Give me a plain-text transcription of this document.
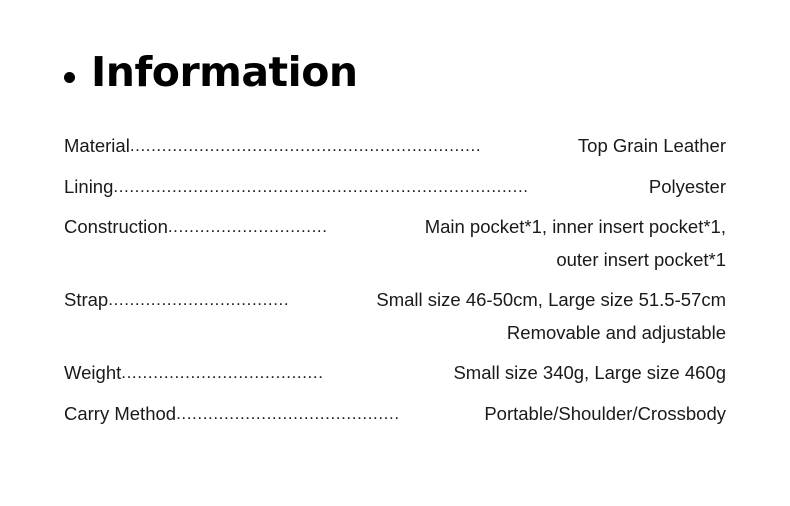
Information
Material ..................................................................	Top Grain Leather
Lining ..............................................................................	Polyester
Construction ..............................	Main pocket*1, inner insert pocket*1,
outer insert pocket*1
Strap ..................................	Small size 46-50cm, Large size 51.5-57cm
Removable and adjustable
Weight ......................................	Small size 340g, Large size 460g
Carry Method ..........................................	Portable/Shoulder/Crossbody
